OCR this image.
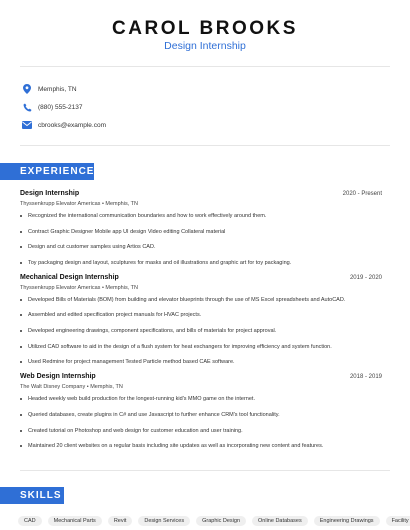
CAROL BROOKS
Design Internship
Memphis, TN
(880) 555-2137
cbrooks@example.com
EXPERIENCE
Design Internship	2020 - Present
Thyssenkrupp Elevator Americas • Memphis, TN
Recognized the international communication boundaries and how to work effectively around them.
Contract Graphic Designer Mobile app UI design Video editing Collateral material
Design and cut customer samples using Artios CAD.
Toy packaging design and layout, sculptures for masks and oil illustrations and graphic art for toy packaging.
Mechanical Design Internship	2019 - 2020
Thyssenkrupp Elevator Americas • Memphis, TN
Developed Bills of Materials (BOM) from building and elevator blueprints through the use of MS Excel spreadsheets and AutoCAD.
Assembled and edited specification project manuals for HVAC projects.
Developed engineering drawings, component specifications, and bills of materials for project approval.
Utilized CAD software to aid in the design of a flush system for heat exchangers for improving efficiency and system function.
Used Redmine for project management Tested Particle method based CAE software.
Web Design Internship	2018 - 2019
The Walt Disney Company • Memphis, TN
Headed weekly web build production for the longest-running kid's MMO game on the internet.
Queried databases, create plugins in C# and use Javascript to further enhance CRM's tool functionality.
Created tutorial on Photoshop and web design for customer education and user training.
Maintained 20 client websites on a regular basis including site updates as well as incorporating new content and features.
SKILLS
CAD	Mechanical Parts	Revit	Design Services	Graphic Design	Online Databases	Engineering Drawings	Facility
